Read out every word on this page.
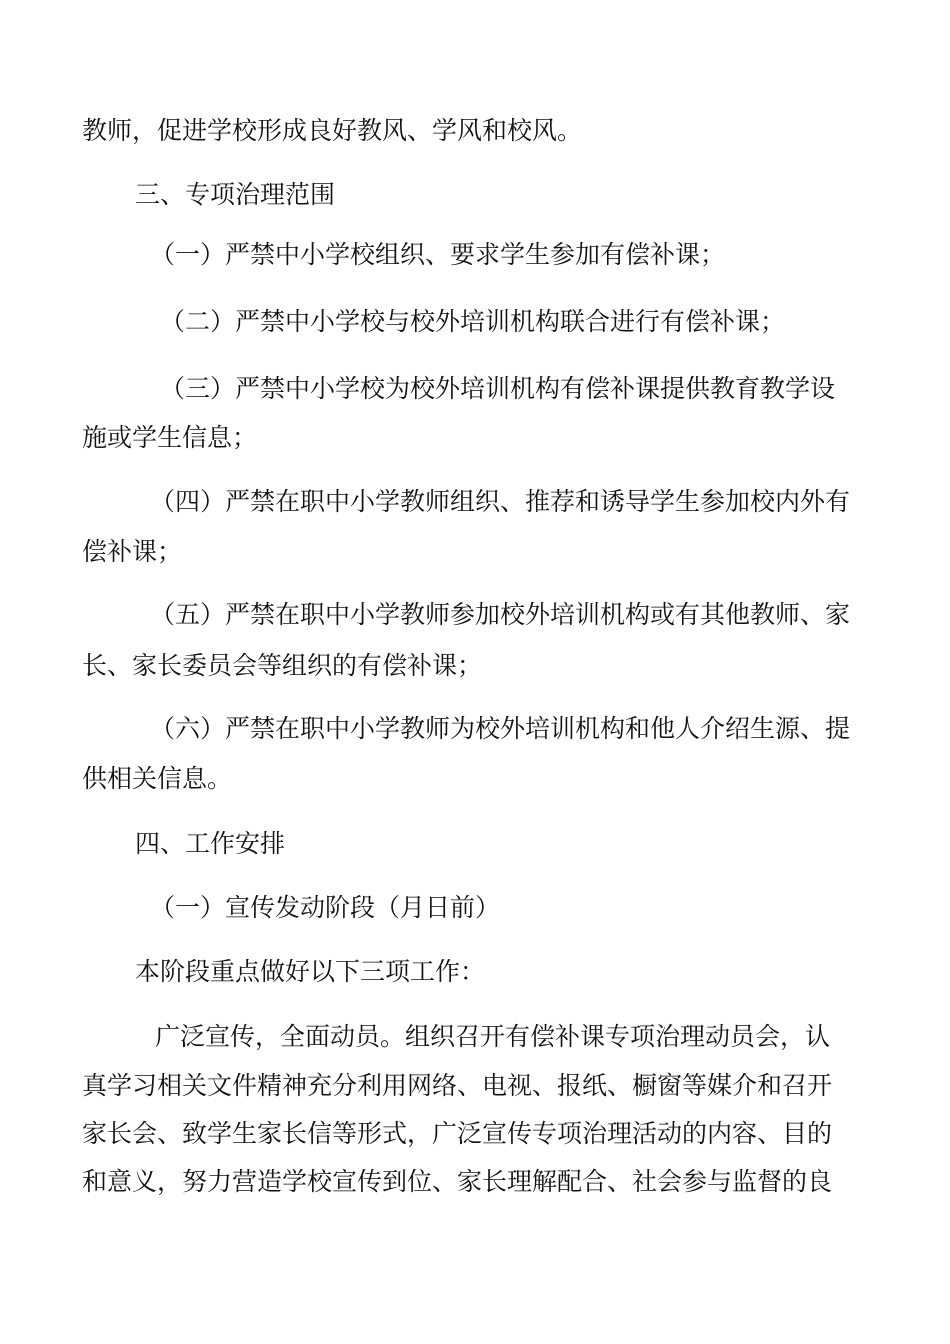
教师，促进学校形成良好教风、学风和校风。
三、专项治理范围
（一）严禁中小学校组织、要求学生参加有偿补课；
（二）严禁中小学校与校外培训机构联合进行有偿补课；
（三）严禁中小学校为校外培训机构有偿补课提供教育教学设
施或学生信息；
（四）严禁在职中小学教师组织、推荐和诱导学生参加校内外有
偿补课；
（五）严禁在职中小学教师参加校外培训机构或有其他教师、家
长、家长委员会等组织的有偿补课；
（六）严禁在职中小学教师为校外培训机构和他人介绍生源、提
供相关信息。
四、工作安排
（一）宣传发动阶段（月日前）
本阶段重点做好以下三项工作：
广泛宣传，全面动员。组织召开有偿补课专项治理动员会，认
真学习相关文件精神充分利用网络、电视、报纸、橱窗等媒介和召开
家长会、致学生家长信等形式，广泛宣传专项治理活动的内容、目的
和意义，努力营造学校宣传到位、家长理解配合、社会参与监督的良
